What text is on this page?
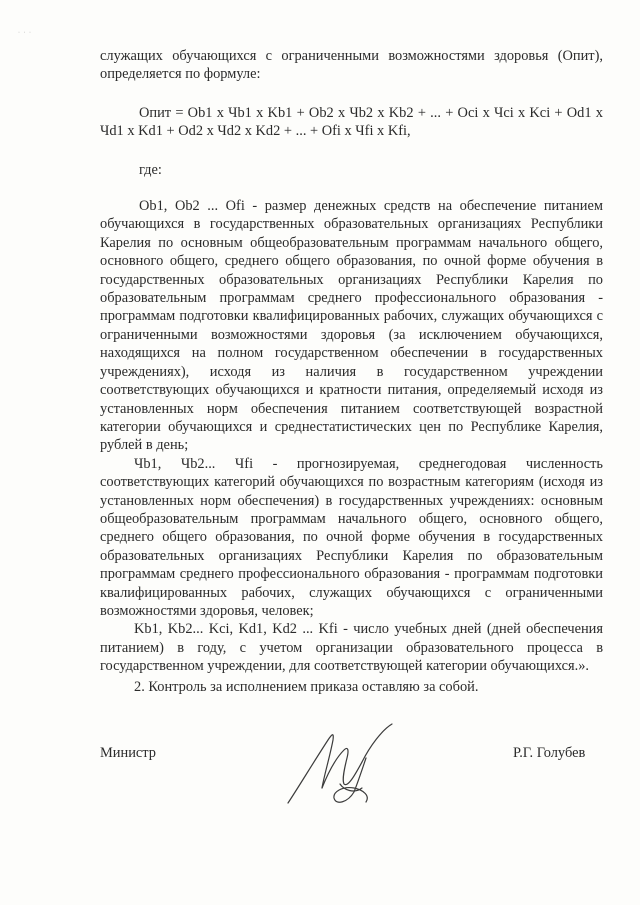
· · ·

служащих обучающихся с ограниченными возможностями здоровья (Опит), определяется по формуле:

Опит = Ob1 x Чb1 x Kb1 + Ob2 x Чb2 x Kb2 + ... + Oci x Чci x Kci + Od1 x Чd1 x Kd1 + Od2 x Чd2 x Kd2 + ... + Ofi x Чfi x Kfi,

где:

Ob1, Ob2 ... Ofi - размер денежных средств на обеспечение питанием обучающихся в государственных образовательных организациях Республики Карелия по основным общеобразовательным программам начального общего, основного общего, среднего общего образования, по очной форме обучения в государственных образовательных организациях Республики Карелия по образовательным программам среднего профессионального образования - программам подготовки квалифицированных рабочих, служащих обучающихся с ограниченными возможностями здоровья (за исключением обучающихся, находящихся на полном государственном обеспечении в государственных учреждениях), исходя из наличия в государственном учреждении соответствующих обучающихся и кратности питания, определяемый исходя из установленных норм обеспечения питанием соответствующей возрастной категории обучающихся и среднестатистических цен по Республике Карелия, рублей в день;

Чb1, Чb2... Чfi - прогнозируемая, среднегодовая численность соответствующих категорий обучающихся по возрастным категориям (исходя из установленных норм обеспечения) в государственных учреждениях: основным общеобразовательным программам начального общего, основного общего, среднего общего образования, по очной форме обучения в государственных образовательных организациях Республики Карелия по образовательным программам среднего профессионального образования - программам подготовки квалифицированных рабочих, служащих обучающихся с ограниченными возможностями здоровья, человек;

Kb1, Kb2... Kci, Kd1, Kd2 ... Kfi - число учебных дней (дней обеспечения питанием) в году, с учетом организации образовательного процесса в государственном учреждении, для соответствующей категории обучающихся.».

2. Контроль за исполнением приказа оставляю за собой.

Министр	Р.Г. Голубев
